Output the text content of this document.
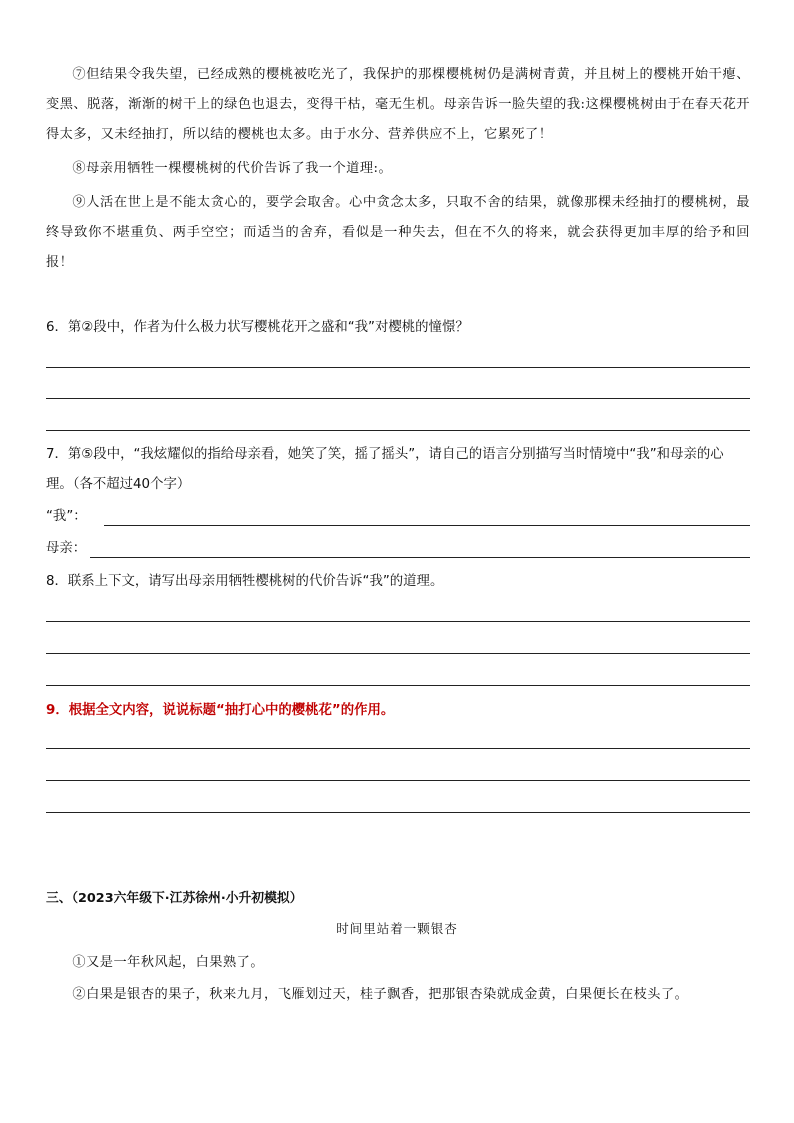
⑦但结果令我失望，已经成熟的樱桃被吃光了，我保护的那棵樱桃树仍是满树青黄，并且树上的樱桃开始干瘪、变黑、脱落，渐渐的树干上的绿色也退去，变得干枯，毫无生机。母亲告诉一脸失望的我:这棵樱桃树由于在春天花开得太多，又未经抽打，所以结的樱桃也太多。由于水分、营养供应不上，它累死了！

⑧母亲用牺牲一棵樱桃树的代价告诉了我一个道理:。

⑨人活在世上是不能太贪心的，要学会取舍。心中贪念太多，只取不舍的结果，就像那棵未经抽打的樱桃树，最终导致你不堪重负、两手空空；而适当的舍弃，看似是一种失去，但在不久的将来，就会获得更加丰厚的给予和回报！

6．第②段中，作者为什么极力状写樱桃花开之盛和“我”对樱桃的憧憬？

7．第⑤段中，“我炫耀似的指给母亲看，她笑了笑，摇了摇头”，请自己的语言分别描写当时情境中“我”和母亲的心理。（各不超过40个字）

“我”：
母亲：

8．联系上下文，请写出母亲用牺牲樱桃树的代价告诉“我”的道理。

9．根据全文内容，说说标题“抽打心中的樱桃花”的作用。

三、（2023六年级下·江苏徐州·小升初模拟）

时间里站着一颗银杏

①又是一年秋风起，白果熟了。

②白果是银杏的果子，秋来九月，飞雁划过天，桂子飘香，把那银杏染就成金黄，白果便长在枝头了。
